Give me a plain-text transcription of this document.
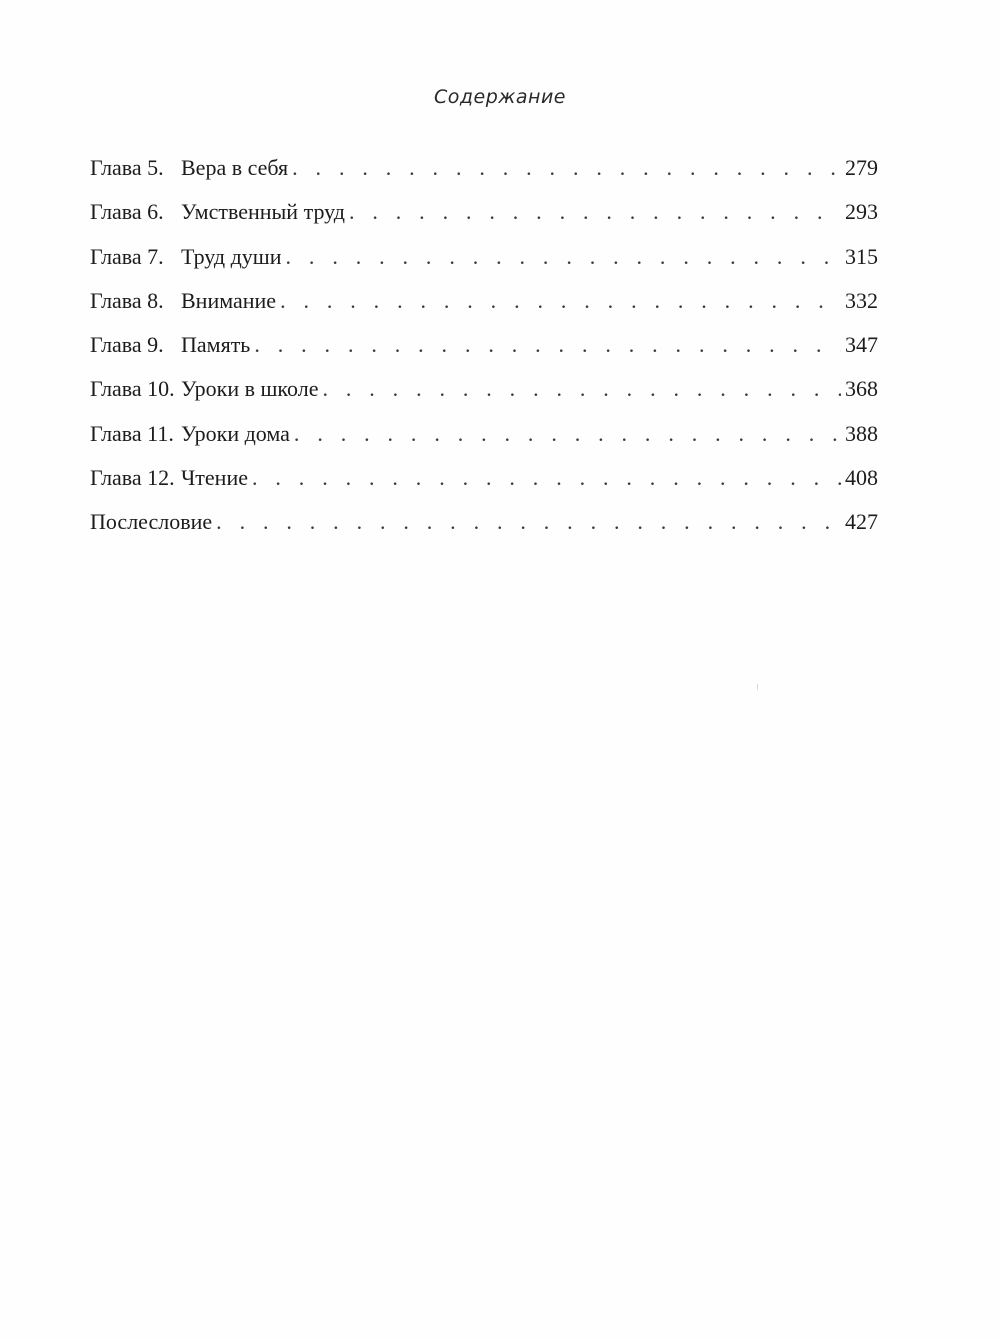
Содержание
Глава 5. Вера в себя . . .	279
Глава 6. Умственный труд . . .	293
Глава 7. Труд души . . .	315
Глава 8. Внимание . . .	332
Глава 9. Память . . .	347
Глава 10. Уроки в школе . . .	368
Глава 11. Уроки дома . . .	388
Глава 12. Чтение . . .	408
Послесловие . . .	427
